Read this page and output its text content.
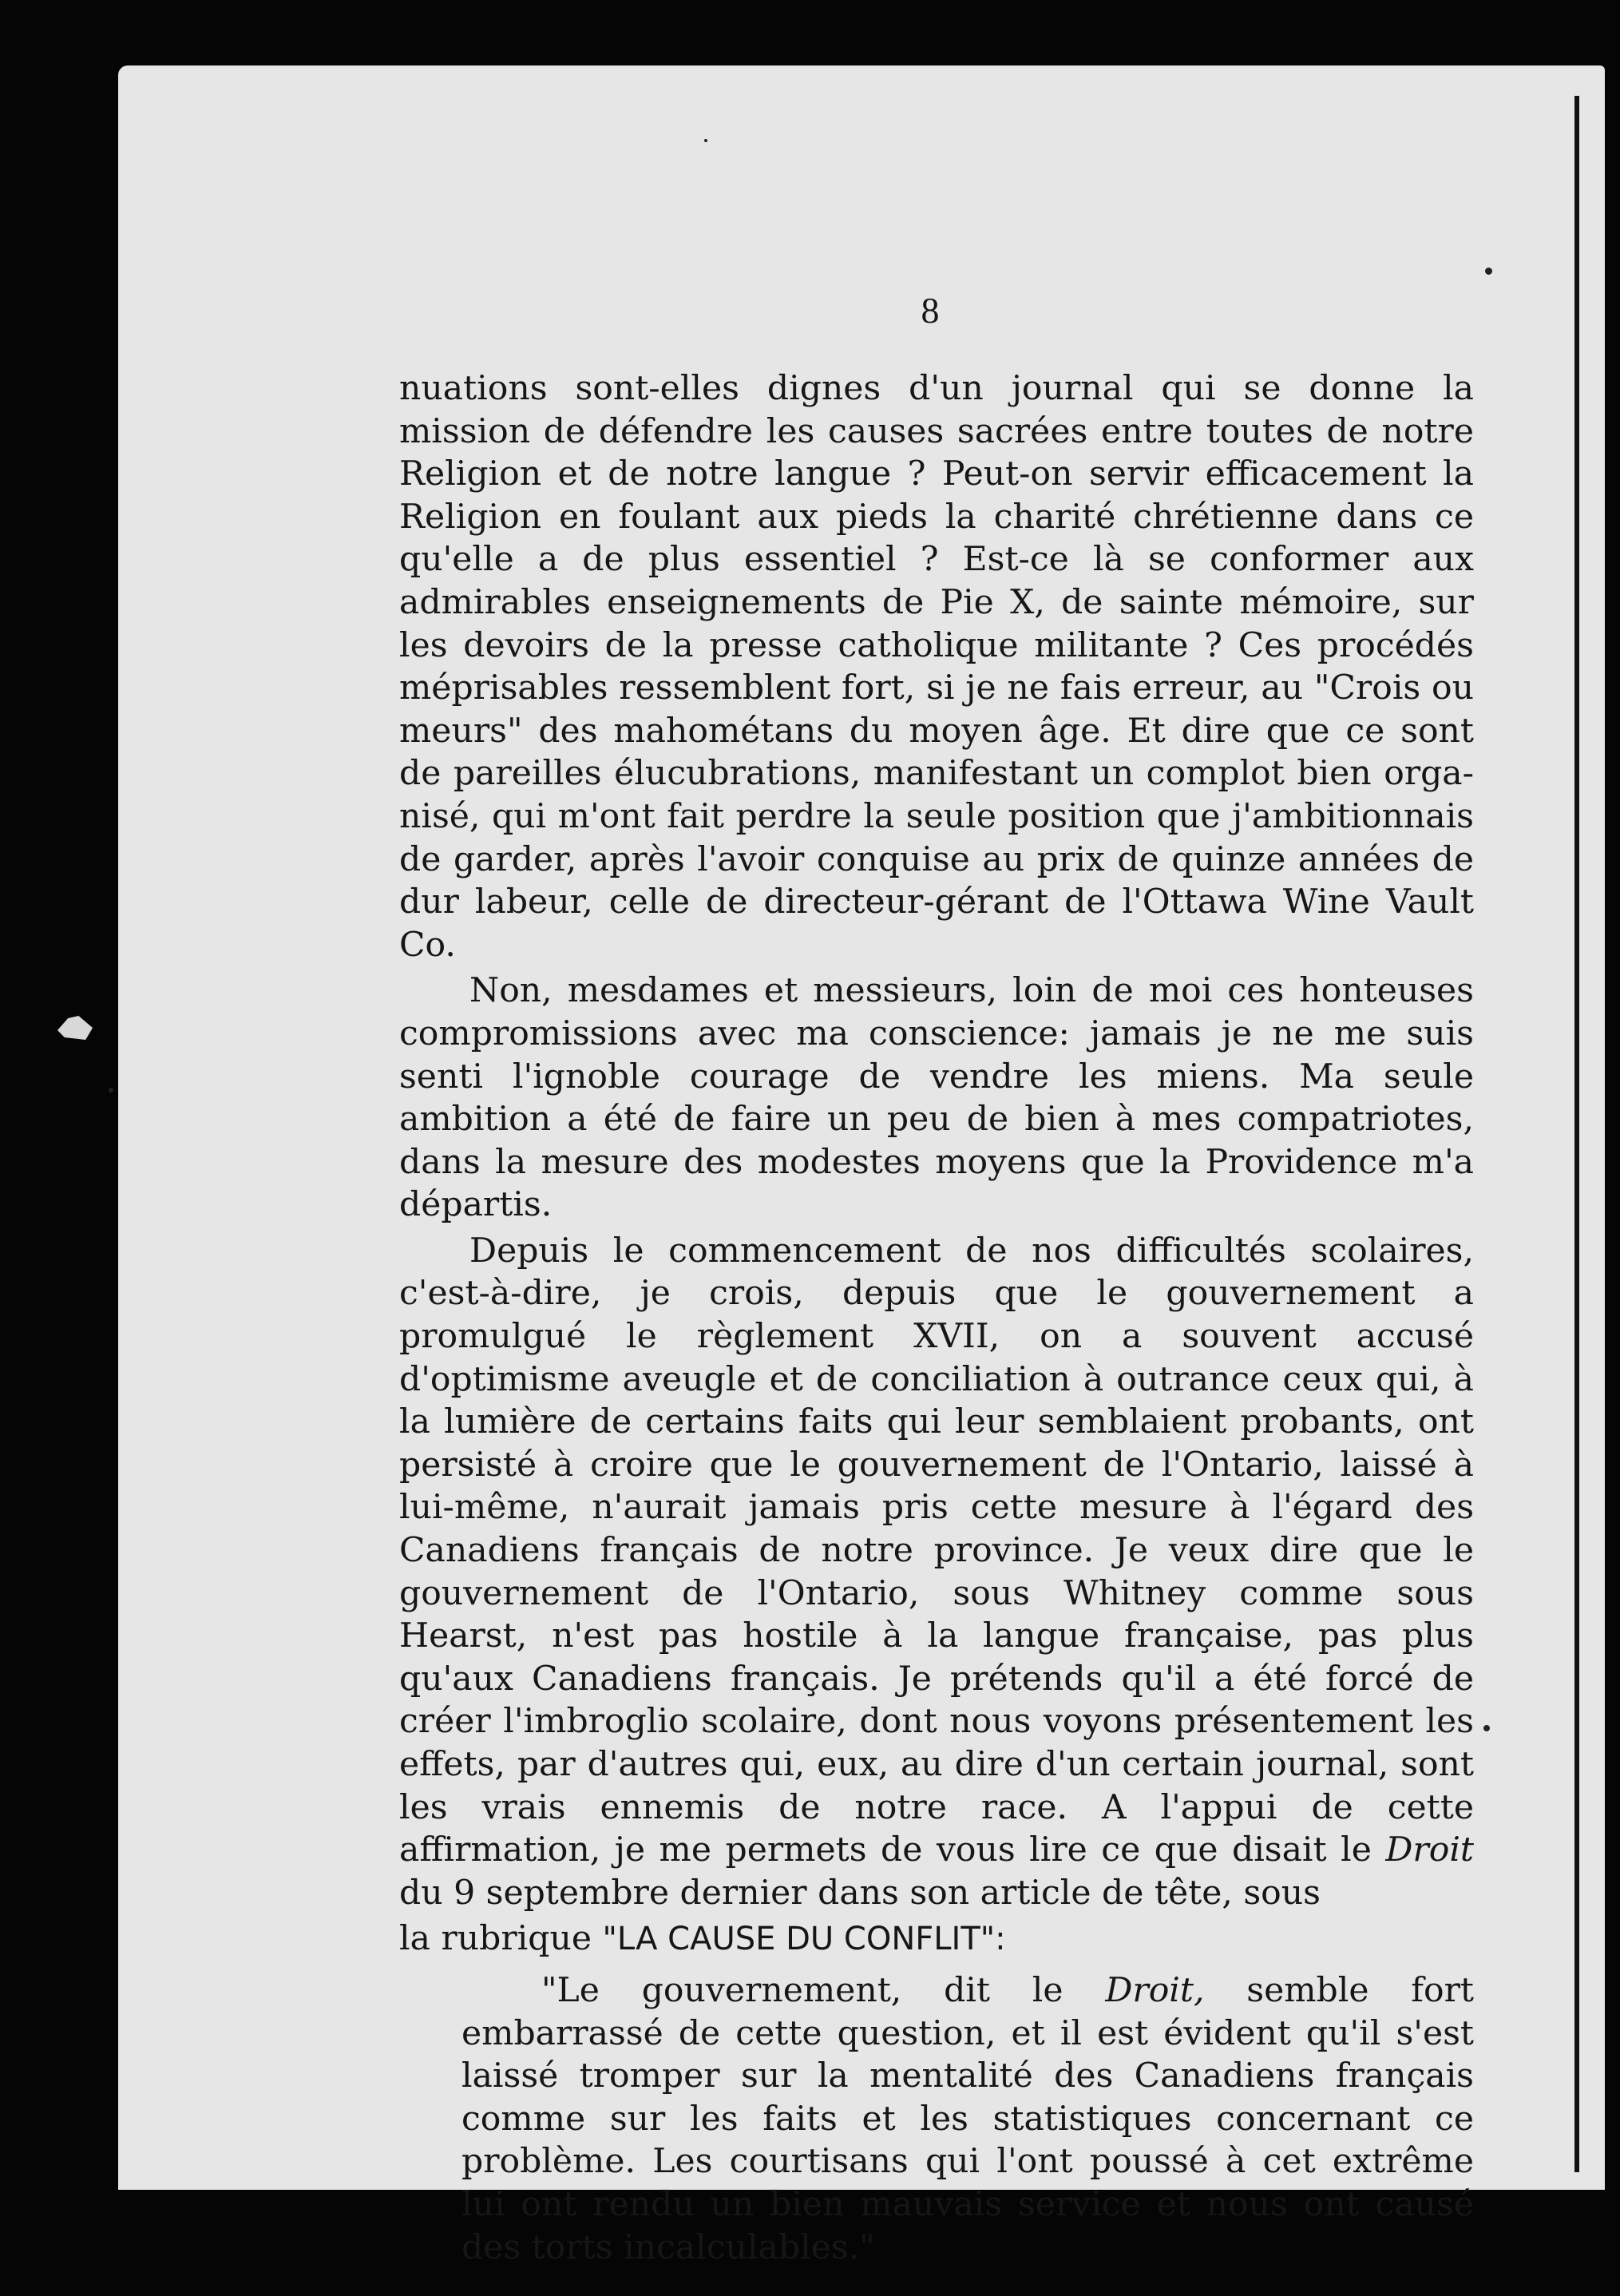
8

nuations sont-elles dignes d'un journal qui se donne la mission de défendre les causes sacrées entre toutes de notre Religion et de notre langue ? Peut-on servir efficacement la Religion en foulant aux pieds la charité chrétienne dans ce qu'elle a de plus essentiel ? Est-ce là se conformer aux admirables enseignements de Pie X, de sainte mémoire, sur les devoirs de la presse catholique militante ? Ces procédés méprisables ressemblent fort, si je ne fais erreur, au "Crois ou meurs" des mahométans du moyen âge. Et dire que ce sont de pareilles élucubrations, manifestant un complot bien orga- nisé, qui m'ont fait perdre la seule position que j'ambitionnais de garder, après l'avoir conquise au prix de quinze années de dur labeur, celle de directeur-gérant de l'Ottawa Wine Vault Co.

Non, mesdames et messieurs, loin de moi ces honteuses compromissions avec ma conscience: jamais je ne me suis senti l'ignoble courage de vendre les miens. Ma seule ambition a été de faire un peu de bien à mes compatriotes, dans la mesure des modestes moyens que la Providence m'a départis.

Depuis le commencement de nos difficultés scolaires, c'est-à-dire, je crois, depuis que le gouvernement a promulgué le règlement XVII, on a souvent accusé d'optimisme aveugle et de conciliation à outrance ceux qui, à la lumière de certains faits qui leur semblaient probants, ont persisté à croire que le gouvernement de l'Ontario, laissé à lui-même, n'aurait jamais pris cette mesure à l'égard des Canadiens français de notre province. Je veux dire que le gouvernement de l'Ontario, sous Whitney comme sous Hearst, n'est pas hostile à la langue française, pas plus qu'aux Canadiens français. Je prétends qu'il a été forcé de créer l'imbroglio scolaire, dont nous voyons présentement les effets, par d'autres qui, eux, au dire d'un certain journal, sont les vrais ennemis de notre race. A l'appui de cette affirmation, je me permets de vous lire ce que disait le Droit du 9 septembre dernier dans son article de tête, sous

la rubrique "LA CAUSE DU CONFLIT":

"Le gouvernement, dit le Droit, semble fort embarrassé de cette question, et il est évident qu'il s'est laissé tromper sur la mentalité des Canadiens français comme sur les faits et les statistiques concernant ce problème. Les courtisans qui l'ont poussé à cet extrême lui ont rendu un bien mauvais service et nous ont causé des torts incalculables."
